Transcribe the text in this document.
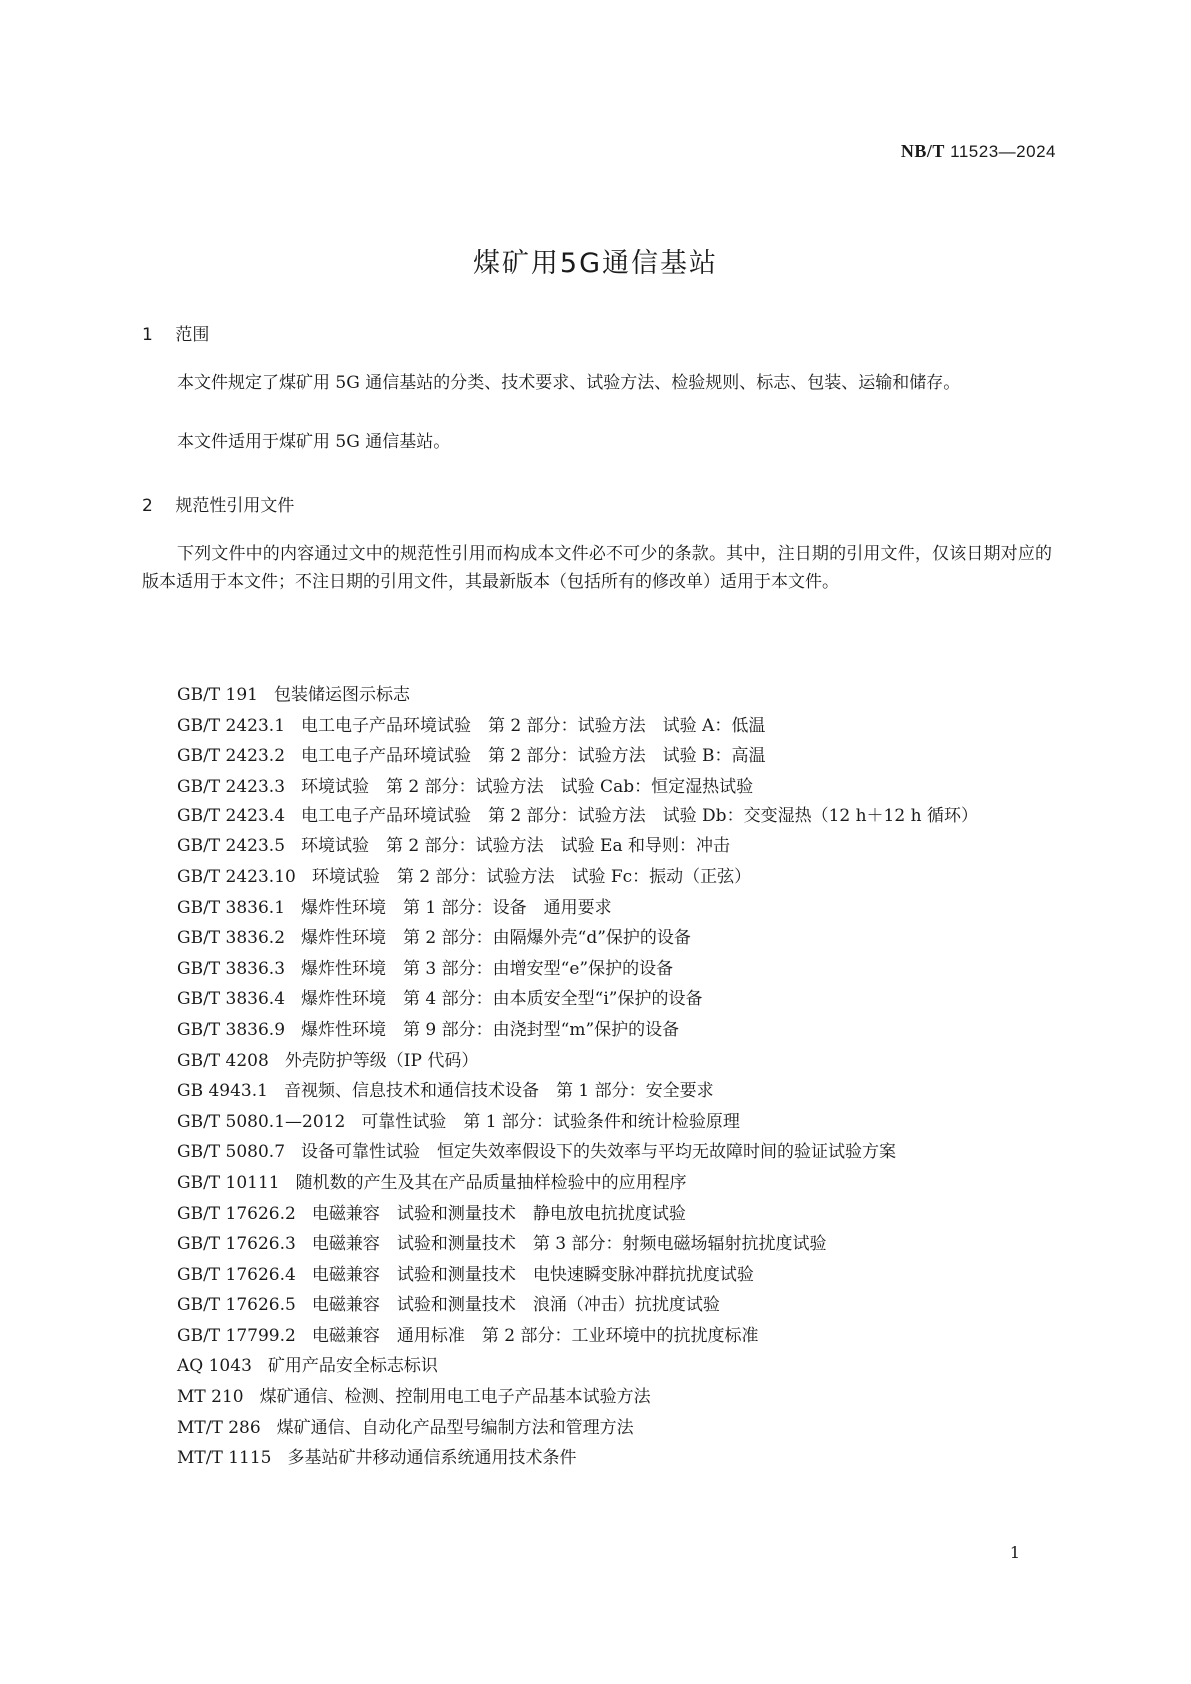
NB/T 11523—2024
煤矿用5G通信基站
1 范围

本文件规定了煤矿用 5G 通信基站的分类、技术要求、试验方法、检验规则、标志、包装、运输和储存。

本文件适用于煤矿用 5G 通信基站。

2 规范性引用文件

下列文件中的内容通过文中的规范性引用而构成本文件必不可少的条款。其中，注日期的引用文件，仅该日期对应的版本适用于本文件；不注日期的引用文件，其最新版本（包括所有的修改单）适用于本文件。

GB/T 191 包装储运图示标志
GB/T 2423.1 电工电子产品环境试验　第 2 部分：试验方法　试验 A：低温
GB/T 2423.2 电工电子产品环境试验　第 2 部分：试验方法　试验 B：高温
GB/T 2423.3 环境试验　第 2 部分：试验方法　试验 Cab：恒定湿热试验
GB/T 2423.4 电工电子产品环境试验　第 2 部分：试验方法　试验 Db：交变湿热（12 h＋12 h 循环）
GB/T 2423.5 环境试验　第 2 部分：试验方法　试验 Ea 和导则：冲击
GB/T 2423.10 环境试验　第 2 部分：试验方法　试验 Fc：振动（正弦）
GB/T 3836.1 爆炸性环境　第 1 部分：设备　通用要求
GB/T 3836.2 爆炸性环境　第 2 部分：由隔爆外壳“d”保护的设备
GB/T 3836.3 爆炸性环境　第 3 部分：由增安型“e”保护的设备
GB/T 3836.4 爆炸性环境　第 4 部分：由本质安全型“i”保护的设备
GB/T 3836.9 爆炸性环境　第 9 部分：由浇封型“m”保护的设备
GB/T 4208 外壳防护等级（IP 代码）
GB 4943.1 音视频、信息技术和通信技术设备　第 1 部分：安全要求
GB/T 5080.1—2012 可靠性试验　第 1 部分：试验条件和统计检验原理
GB/T 5080.7 设备可靠性试验　恒定失效率假设下的失效率与平均无故障时间的验证试验方案
GB/T 10111 随机数的产生及其在产品质量抽样检验中的应用程序
GB/T 17626.2 电磁兼容　试验和测量技术　静电放电抗扰度试验
GB/T 17626.3 电磁兼容　试验和测量技术　第 3 部分：射频电磁场辐射抗扰度试验
GB/T 17626.4 电磁兼容　试验和测量技术　电快速瞬变脉冲群抗扰度试验
GB/T 17626.5 电磁兼容　试验和测量技术　浪涌（冲击）抗扰度试验
GB/T 17799.2 电磁兼容　通用标准　第 2 部分：工业环境中的抗扰度标准
AQ 1043 矿用产品安全标志标识
MT 210 煤矿通信、检测、控制用电工电子产品基本试验方法
MT/T 286 煤矿通信、自动化产品型号编制方法和管理方法
MT/T 1115 多基站矿井移动通信系统通用技术条件
1
